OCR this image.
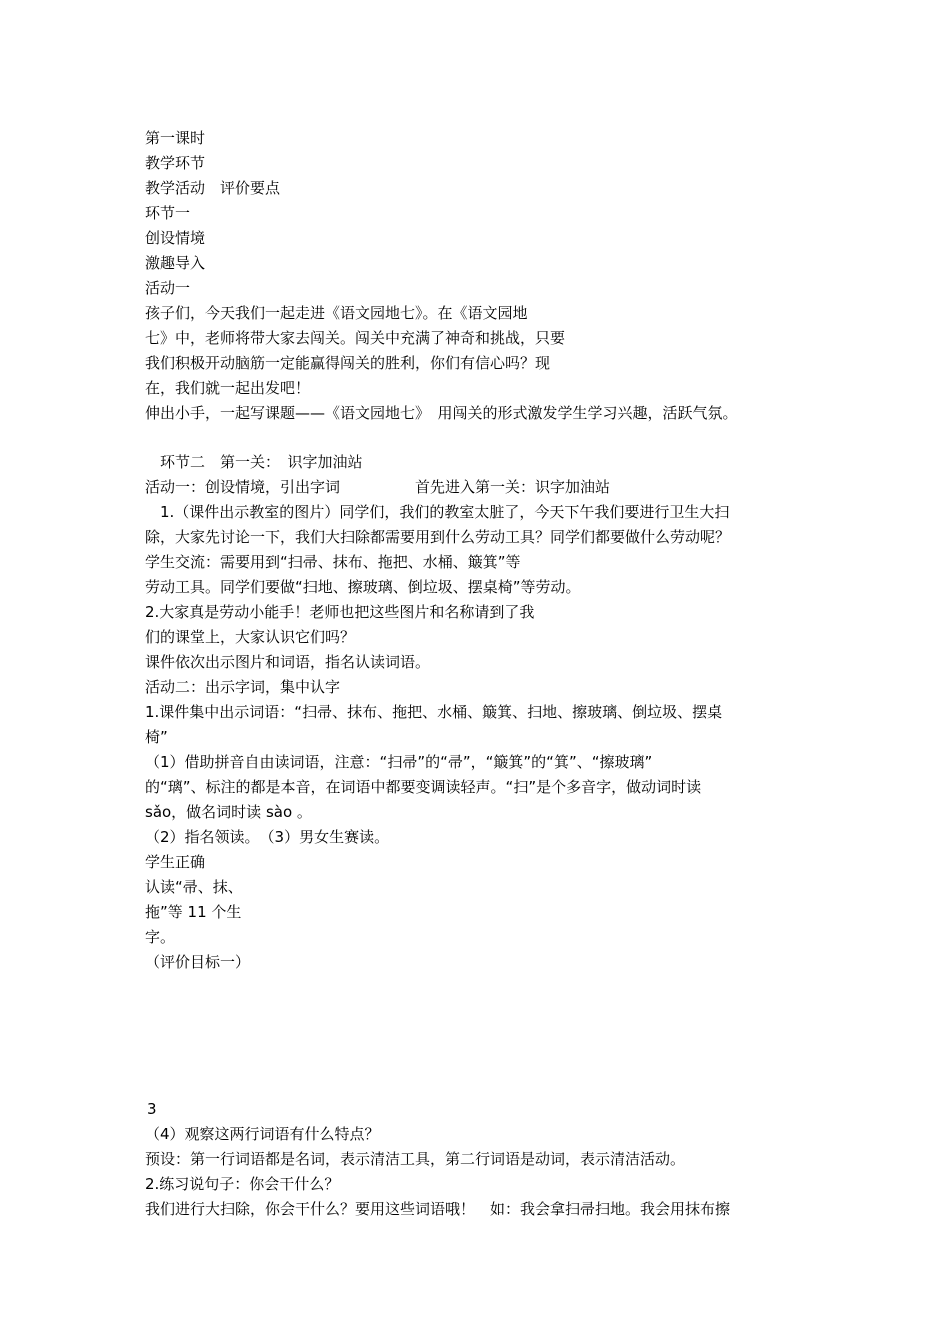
第一课时
教学环节
教学活动　评价要点
环节一
创设情境
激趣导入
活动一
孩子们，今天我们一起走进《语文园地七》。在《语文园地
七》中，老师将带大家去闯关。闯关中充满了神奇和挑战，只要
我们积极开动脑筋一定能赢得闯关的胜利，你们有信心吗？现
在，我们就一起出发吧！
伸出小手，一起写课题——《语文园地七》　用闯关的形式激发学生学习兴趣，活跃气氛。
　环节二　第一关：　识字加油站
活动一：创设情境，引出字词　　　　　首先进入第一关：识字加油站
　1.（课件出示教室的图片）同学们，我们的教室太脏了，今天下午我们要进行卫生大扫
除，大家先讨论一下，我们大扫除都需要用到什么劳动工具？同学们都要做什么劳动呢？
学生交流：需要用到“扫帚、抹布、拖把、水桶、簸箕”等
劳动工具。同学们要做“扫地、擦玻璃、倒垃圾、摆桌椅”等劳动。
2.大家真是劳动小能手！老师也把这些图片和名称请到了我
们的课堂上，大家认识它们吗？
课件依次出示图片和词语，指名认读词语。
活动二：出示字词，集中认字
1.课件集中出示词语：“扫帚、抹布、拖把、水桶、簸箕、扫地、擦玻璃、倒垃圾、摆桌
椅”
（1）借助拼音自由读词语，注意：“扫帚”的“帚”，“簸箕”的“箕”、“擦玻璃”
的“璃”、标注的都是本音，在词语中都要变调读轻声。“扫”是个多音字，做动词时读
sǎo，做名词时读 sào 。
（2）指名领读。　（3）男女生赛读。
学生正确
认读“帚、抹、
拖”等 11 个生
字。
（评价目标一）
3
（4）观察这两行词语有什么特点？
预设：第一行词语都是名词，表示清洁工具，第二行词语是动词，表示清洁活动。
2.练习说句子：你会干什么？
我们进行大扫除，你会干什么？要用这些词语哦！　如：我会拿扫帚扫地。我会用抹布擦
